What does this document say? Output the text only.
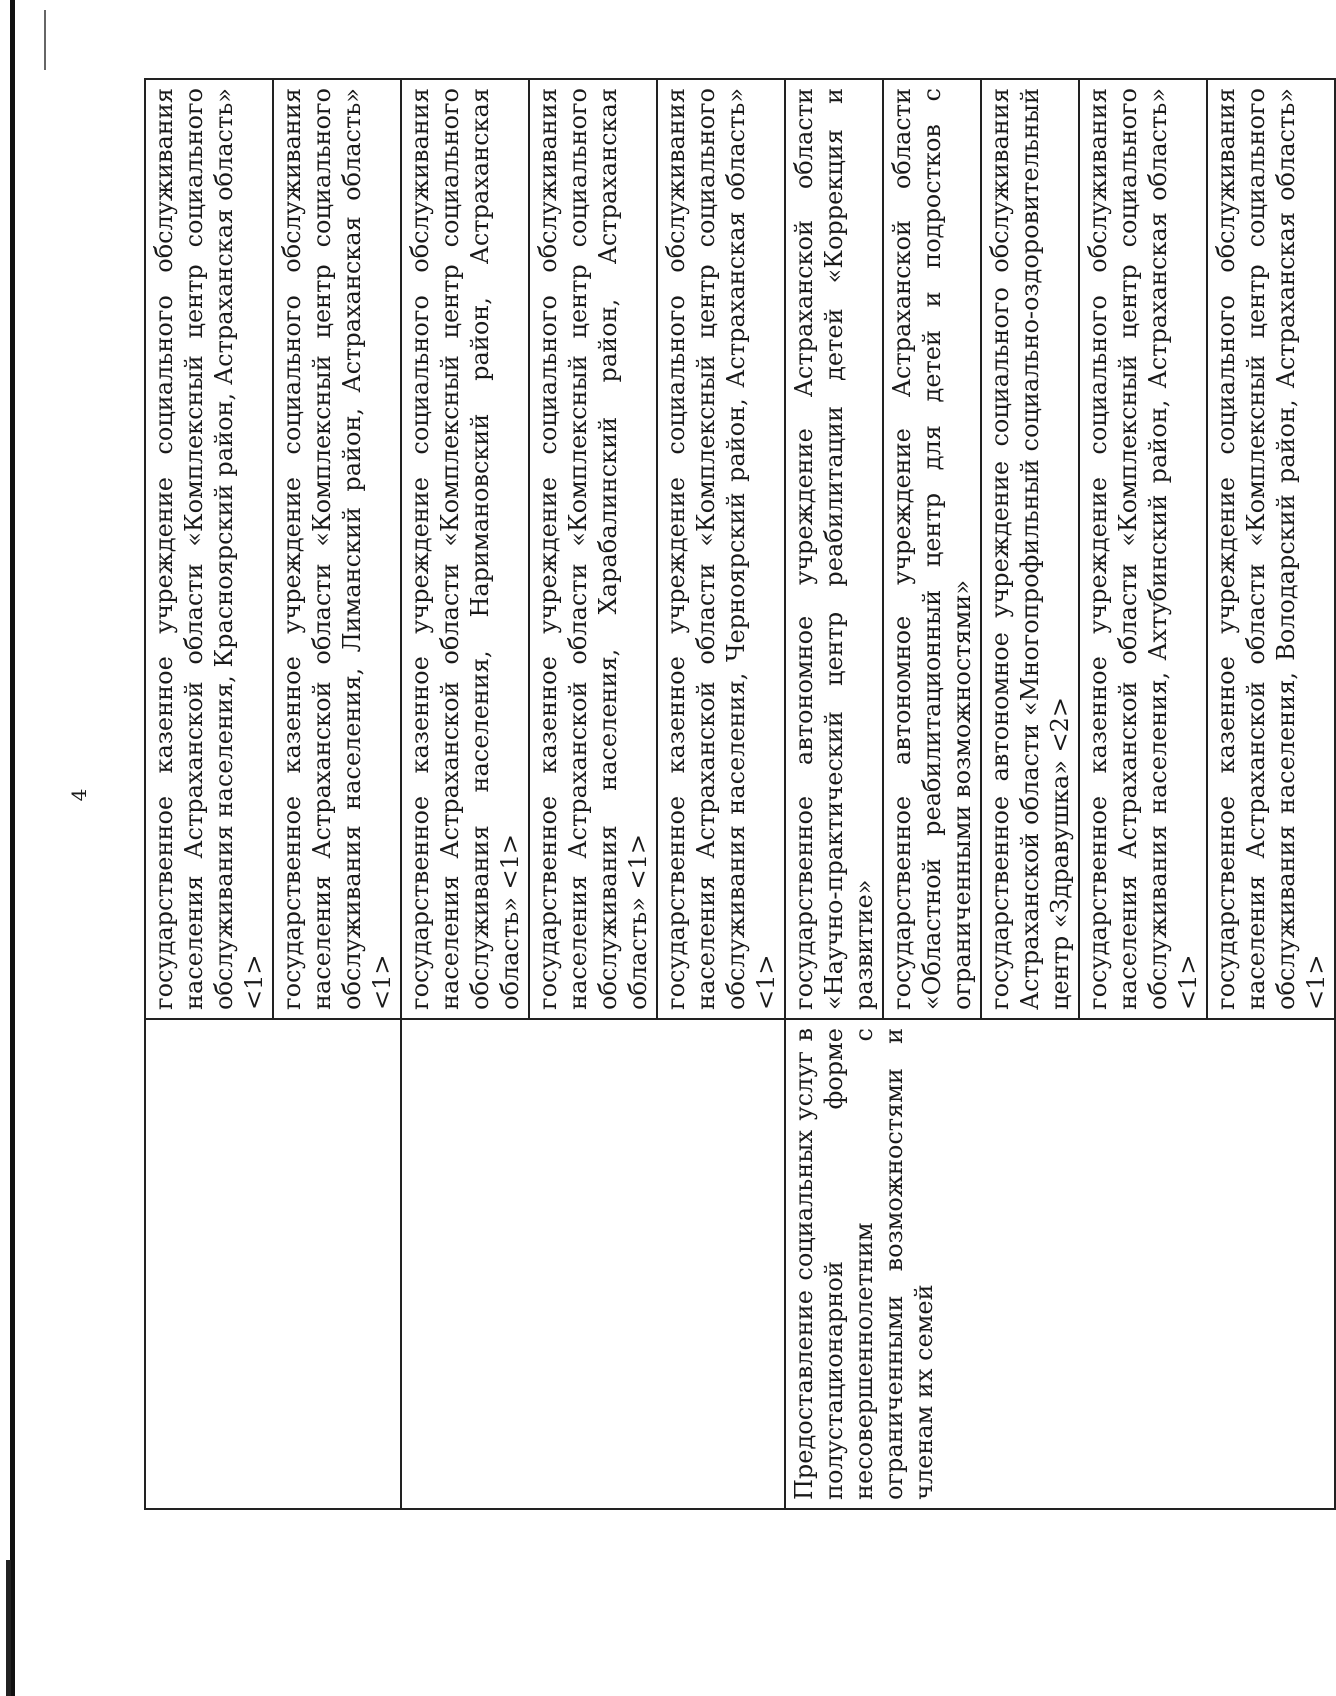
4
	государственное казенное учреждение социального обслуживания населения Астраханской области «Комплексный центр социального обслуживания населения, Красноярский район, Астраханская область» <1>
	государственное казенное учреждение социального обслуживания населения Астраханской области «Комплексный центр социального обслуживания населения, Лиманский район, Астраханская область» <1>
	государственное казенное учреждение социального обслуживания населения Астраханской области «Комплексный центр социального обслуживания населения, Наримановский район, Астраханская область» <1>
	государственное казенное учреждение социального обслуживания населения Астраханской области «Комплексный центр социального обслуживания населения, Харабалинский район, Астраханская область» <1>
	государственное казенное учреждение социального обслуживания населения Астраханской области «Комплексный центр социального обслуживания населения, Черноярский район, Астраханская область» <1>
Предоставление социальных услуг в полустационарной форме несовершеннолетним с ограниченными возможностями и членам их семей	государственное автономное учреждение Астраханской области «Научно-практический центр реабилитации детей «Коррекция и развитие»
	государственное автономное учреждение Астраханской области «Областной реабилитационный центр для детей и подростков с ограниченными возможностями»
	государственное автономное учреждение социального обслуживания Астраханской области «Многопрофильный социально-оздоровительный центр «Здравушка» <2>
	государственное казенное учреждение социального обслуживания населения Астраханской области «Комплексный центр социального обслуживания населения, Ахтубинский район, Астраханская область» <1>
	государственное казенное учреждение социального обслуживания населения Астраханской области «Комплексный центр социального обслуживания населения, Володарский район, Астраханская область» <1>
